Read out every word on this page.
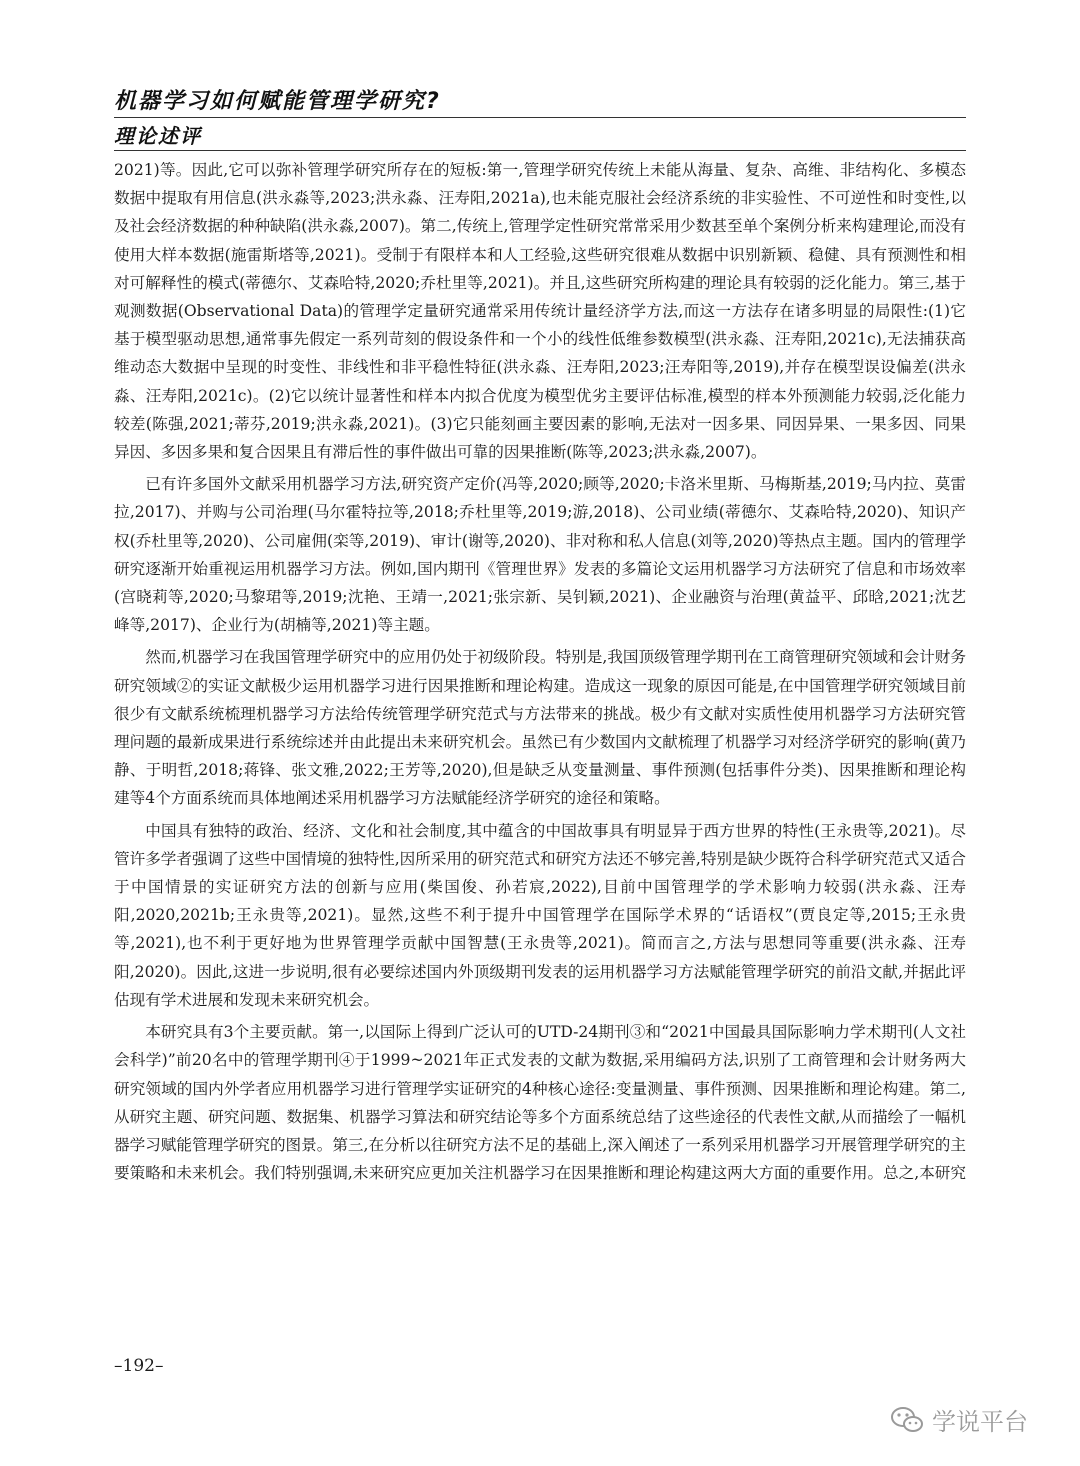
机器学习如何赋能管理学研究?
理论述评

2021)等。因此,它可以弥补管理学研究所存在的短板:第一,管理学研究传统上未能从海量、复杂、高维、非结构化、多模态数据中提取有用信息(洪永淼等,2023;洪永淼、汪寿阳,2021a),也未能克服社会经济系统的非实验性、不可逆性和时变性,以及社会经济数据的种种缺陷(洪永淼,2007)。第二,传统上,管理学定性研究常常采用少数甚至单个案例分析来构建理论,而没有使用大样本数据(施雷斯塔等,2021)。受制于有限样本和人工经验,这些研究很难从数据中识别新颖、稳健、具有预测性和相对可解释性的模式(蒂德尔、艾森哈特,2020;乔杜里等,2021)。并且,这些研究所构建的理论具有较弱的泛化能力。第三,基于观测数据(Observational Data)的管理学定量研究通常采用传统计量经济学方法,而这一方法存在诸多明显的局限性:(1)它基于模型驱动思想,通常事先假定一系列苛刻的假设条件和一个小的线性低维参数模型(洪永淼、汪寿阳,2021c),无法捕获高维动态大数据中呈现的时变性、非线性和非平稳性特征(洪永淼、汪寿阳,2023;汪寿阳等,2019),并存在模型误设偏差(洪永淼、汪寿阳,2021c)。(2)它以统计显著性和样本内拟合优度为模型优劣主要评估标准,模型的样本外预测能力较弱,泛化能力较差(陈强,2021;蒂芬,2019;洪永淼,2021)。(3)它只能刻画主要因素的影响,无法对一因多果、同因异果、一果多因、同果异因、多因多果和复合因果且有滞后性的事件做出可靠的因果推断(陈等,2023;洪永淼,2007)。

已有许多国外文献采用机器学习方法,研究资产定价(冯等,2020;顾等,2020;卡洛米里斯、马梅斯基,2019;马内拉、莫雷拉,2017)、并购与公司治理(马尔霍特拉等,2018;乔杜里等,2019;游,2018)、公司业绩(蒂德尔、艾森哈特,2020)、知识产权(乔杜里等,2020)、公司雇佣(栾等,2019)、审计(谢等,2020)、非对称和私人信息(刘等,2020)等热点主题。国内的管理学研究逐渐开始重视运用机器学习方法。例如,国内期刊《管理世界》发表的多篇论文运用机器学习方法研究了信息和市场效率(宫晓莉等,2020;马黎珺等,2019;沈艳、王靖一,2021;张宗新、吴钊颖,2021)、企业融资与治理(黄益平、邱晗,2021;沈艺峰等,2017)、企业行为(胡楠等,2021)等主题。

然而,机器学习在我国管理学研究中的应用仍处于初级阶段。特别是,我国顶级管理学期刊在工商管理研究领域和会计财务研究领域②的实证文献极少运用机器学习进行因果推断和理论构建。造成这一现象的原因可能是,在中国管理学研究领域目前很少有文献系统梳理机器学习方法给传统管理学研究范式与方法带来的挑战。极少有文献对实质性使用机器学习方法研究管理问题的最新成果进行系统综述并由此提出未来研究机会。虽然已有少数国内文献梳理了机器学习对经济学研究的影响(黄乃静、于明哲,2018;蒋锋、张文雅,2022;王芳等,2020),但是缺乏从变量测量、事件预测(包括事件分类)、因果推断和理论构建等4个方面系统而具体地阐述采用机器学习方法赋能经济学研究的途径和策略。

中国具有独特的政治、经济、文化和社会制度,其中蕴含的中国故事具有明显异于西方世界的特性(王永贵等,2021)。尽管许多学者强调了这些中国情境的独特性,因所采用的研究范式和研究方法还不够完善,特别是缺少既符合科学研究范式又适合于中国情景的实证研究方法的创新与应用(柴国俊、孙若宸,2022),目前中国管理学的学术影响力较弱(洪永淼、汪寿阳,2020,2021b;王永贵等,2021)。显然,这些不利于提升中国管理学在国际学术界的“话语权”(贾良定等,2015;王永贵等,2021),也不利于更好地为世界管理学贡献中国智慧(王永贵等,2021)。简而言之,方法与思想同等重要(洪永淼、汪寿阳,2020)。因此,这进一步说明,很有必要综述国内外顶级期刊发表的运用机器学习方法赋能管理学研究的前沿文献,并据此评估现有学术进展和发现未来研究机会。

本研究具有3个主要贡献。第一,以国际上得到广泛认可的UTD-24期刊③和“2021中国最具国际影响力学术期刊(人文社会科学)”前20名中的管理学期刊④于1999~2021年正式发表的文献为数据,采用编码方法,识别了工商管理和会计财务两大研究领域的国内外学者应用机器学习进行管理学实证研究的4种核心途径:变量测量、事件预测、因果推断和理论构建。第二,从研究主题、研究问题、数据集、机器学习算法和研究结论等多个方面系统总结了这些途径的代表性文献,从而描绘了一幅机器学习赋能管理学研究的图景。第三,在分析以往研究方法不足的基础上,深入阐述了一系列采用机器学习开展管理学研究的主要策略和未来机会。我们特别强调,未来研究应更加关注机器学习在因果推断和理论构建这两大方面的重要作用。总之,本研究

–192–
学说平台
